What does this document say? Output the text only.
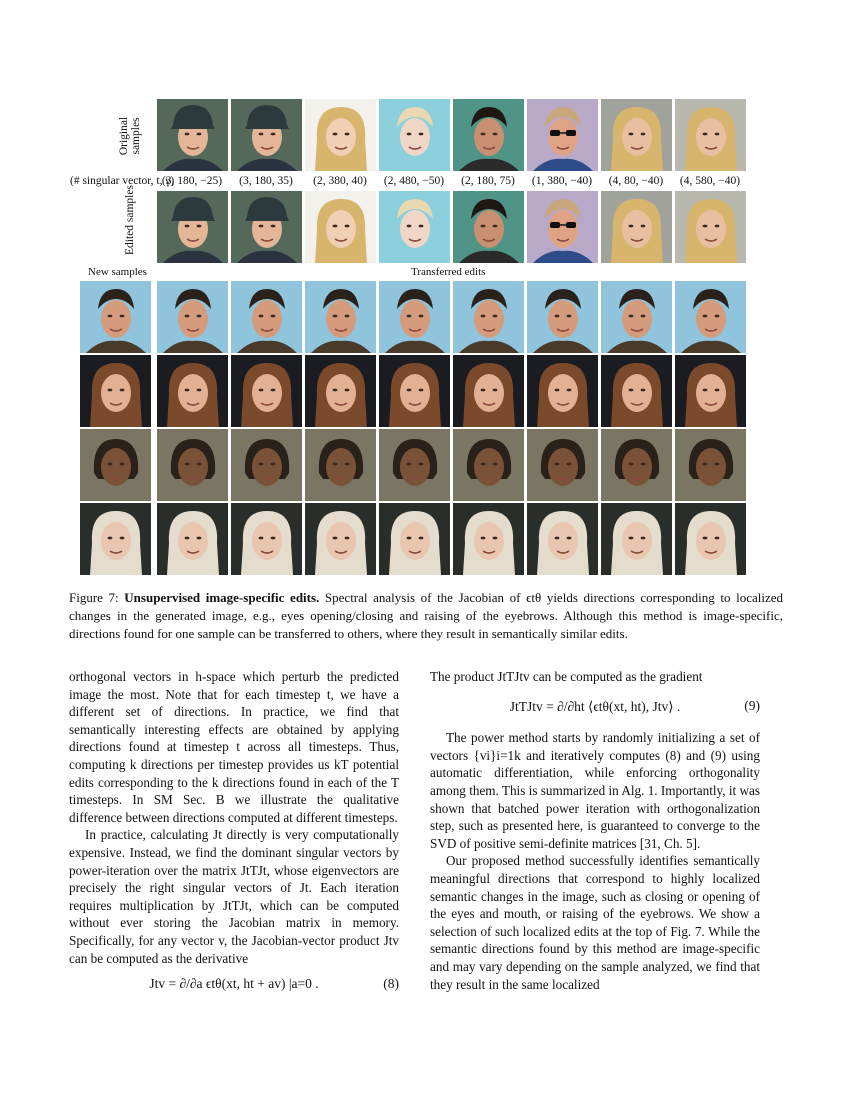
Original samples
Edited samples
(# singular vector, t, γ)
(3, 180, −25)	(3, 180, 35)	(2, 380, 40)	(2, 480, −50)	(2, 180, 75)	(1, 380, −40)	(4, 80, −40)	(4, 580, −40)
New samples	Transferred edits
Figure 7: Unsupervised image-specific edits. Spectral analysis of the Jacobian of ϵtθ yields directions corresponding to localized changes in the generated image, e.g., eyes opening/closing and raising of the eyebrows. Although this method is image-specific, directions found for one sample can be transferred to others, where they result in semantically similar edits.

orthogonal vectors in h-space which perturb the predicted image the most. Note that for each timestep t, we have a different set of directions. In practice, we find that semantically interesting effects are obtained by applying directions found at timestep t across all timesteps. Thus, computing k directions per timestep provides us kT potential edits corresponding to the k directions found in each of the T timesteps. In SM Sec. B we illustrate the qualitative difference between directions computed at different timesteps.

In practice, calculating Jt directly is very computationally expensive. Instead, we find the dominant singular vectors by power-iteration over the matrix JtTJt, whose eigenvectors are precisely the right singular vectors of Jt. Each iteration requires multiplication by JtTJt, which can be computed without ever storing the Jacobian matrix in memory. Specifically, for any vector v, the Jacobian-vector product Jtv can be computed as the derivative

Jtv = ∂/∂a ϵtθ(xt, ht + av) |a=0 .	(8)

The product JtTJtv can be computed as the gradient

JtTJtv = ∂/∂ht ⟨ϵtθ(xt, ht), Jtv⟩ .	(9)

The power method starts by randomly initializing a set of vectors {vi}i=1k and iteratively computes (8) and (9) using automatic differentiation, while enforcing orthogonality among them. This is summarized in Alg. 1. Importantly, it was shown that batched power iteration with orthogonalization step, such as presented here, is guaranteed to converge to the SVD of positive semi-definite matrices [31, Ch. 5].

Our proposed method successfully identifies semantically meaningful directions that correspond to highly localized semantic changes in the image, such as closing or opening of the eyes and mouth, or raising of the eyebrows. We show a selection of such localized edits at the top of Fig. 7. While the semantic directions found by this method are image-specific and may vary depending on the sample analyzed, we find that they result in the same localized
